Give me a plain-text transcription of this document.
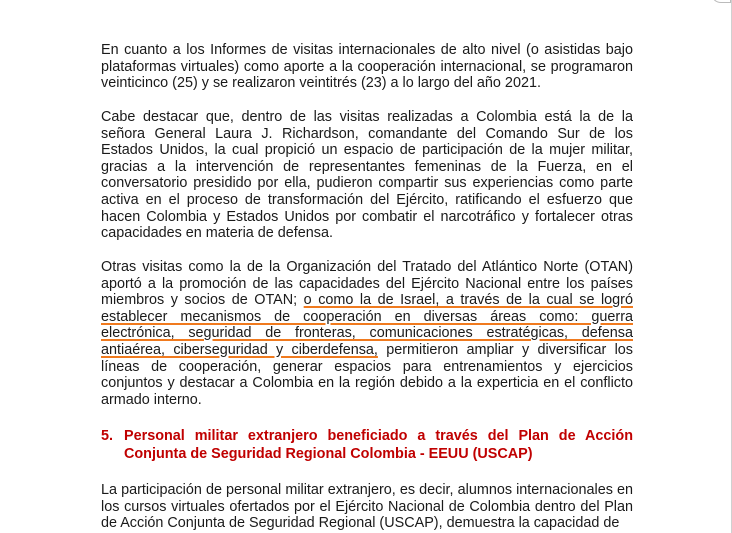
En cuanto a los Informes de visitas internacionales de alto nivel (o asistidas bajo plataformas virtuales) como aporte a la cooperación internacional, se programaron veinticinco (25) y se realizaron veintitrés (23) a lo largo del año 2021.

Cabe destacar que, dentro de las visitas realizadas a Colombia está la de la señora General Laura J. Richardson, comandante del Comando Sur de los Estados Unidos, la cual propició un espacio de participación de la mujer militar, gracias a la intervención de representantes femeninas de la Fuerza, en el conversatorio presidido por ella, pudieron compartir sus experiencias como parte activa en el proceso de transformación del Ejército, ratificando el esfuerzo que hacen Colombia y Estados Unidos por combatir el narcotráfico y fortalecer otras capacidades en materia de defensa.

Otras visitas como la de la Organización del Tratado del Atlántico Norte (OTAN) aportó a la promoción de las capacidades del Ejército Nacional entre los países miembros y socios de OTAN; o como la de Israel, a través de la cual se logró establecer mecanismos de cooperación en diversas áreas como: guerra electrónica, seguridad de fronteras, comunicaciones estratégicas, defensa antiaérea, ciberseguridad y ciberdefensa, permitieron ampliar y diversificar los líneas de cooperación, generar espacios para entrenamientos y ejercicios conjuntos y destacar a Colombia en la región debido a la experticia en el conflicto armado interno.

5. Personal militar extranjero beneficiado a través del Plan de Acción Conjunta de Seguridad Regional Colombia - EEUU (USCAP)

La participación de personal militar extranjero, es decir, alumnos internacionales en los cursos virtuales ofertados por el Ejército Nacional de Colombia dentro del Plan de Acción Conjunta de Seguridad Regional (USCAP), demuestra la capacidad de
